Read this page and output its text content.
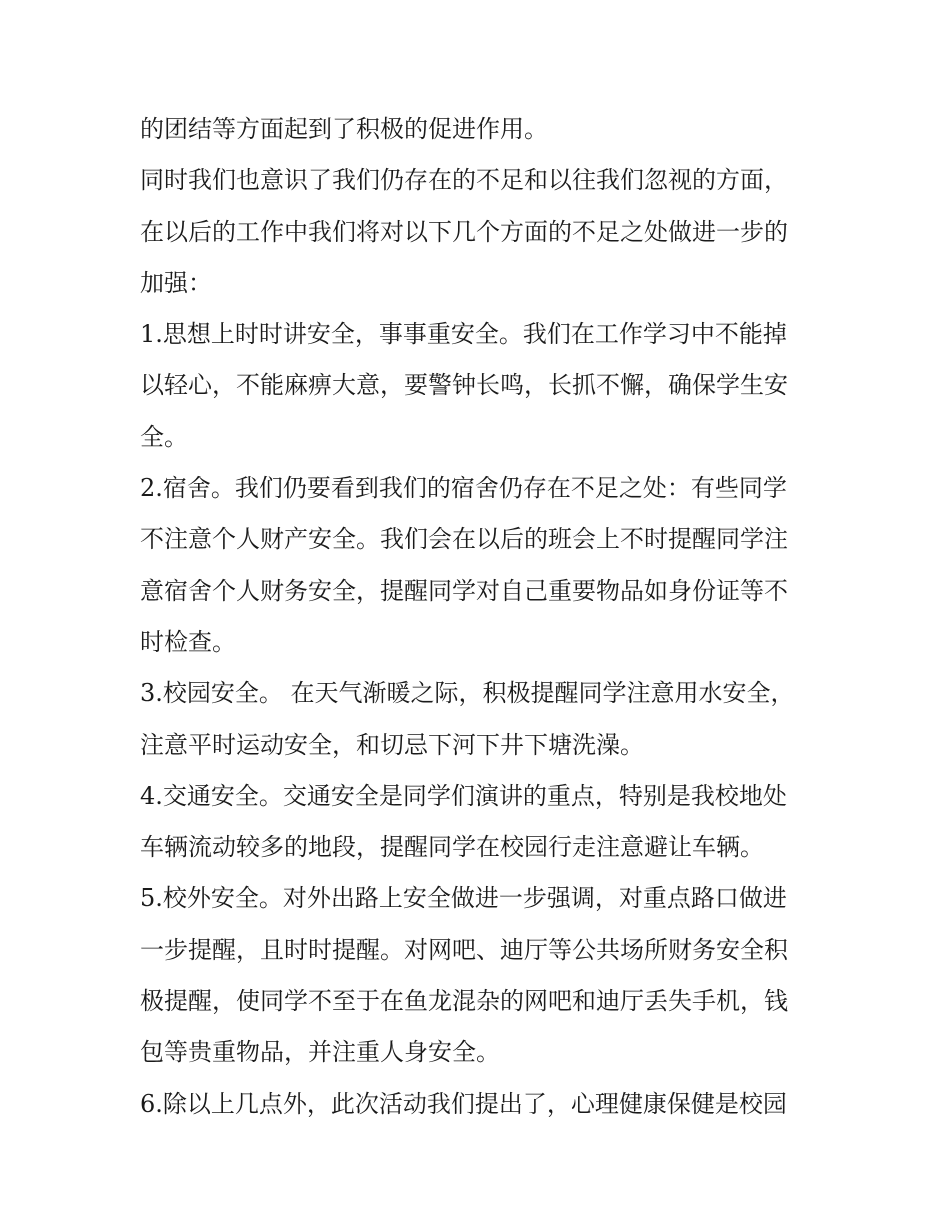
的团结等方面起到了积极的促进作用。
同时我们也意识了我们仍存在的不足和以往我们忽视的方面，
在以后的工作中我们将对以下几个方面的不足之处做进一步的
加强：
1.思想上时时讲安全，事事重安全。我们在工作学习中不能掉
以轻心，不能麻痹大意，要警钟长鸣，长抓不懈，确保学生安
全。
2.宿舍。我们仍要看到我们的宿舍仍存在不足之处：有些同学
不注意个人财产安全。我们会在以后的班会上不时提醒同学注
意宿舍个人财务安全，提醒同学对自己重要物品如身份证等不
时检查。
3.校园安全。 在天气渐暖之际，积极提醒同学注意用水安全，
注意平时运动安全，和切忌下河下井下塘洗澡。
4.交通安全。交通安全是同学们演讲的重点，特别是我校地处
车辆流动较多的地段，提醒同学在校园行走注意避让车辆。
5.校外安全。对外出路上安全做进一步强调，对重点路口做进
一步提醒，且时时提醒。对网吧、迪厅等公共场所财务安全积
极提醒，使同学不至于在鱼龙混杂的网吧和迪厅丢失手机，钱
包等贵重物品，并注重人身安全。
6.除以上几点外，此次活动我们提出了，心理健康保健是校园
